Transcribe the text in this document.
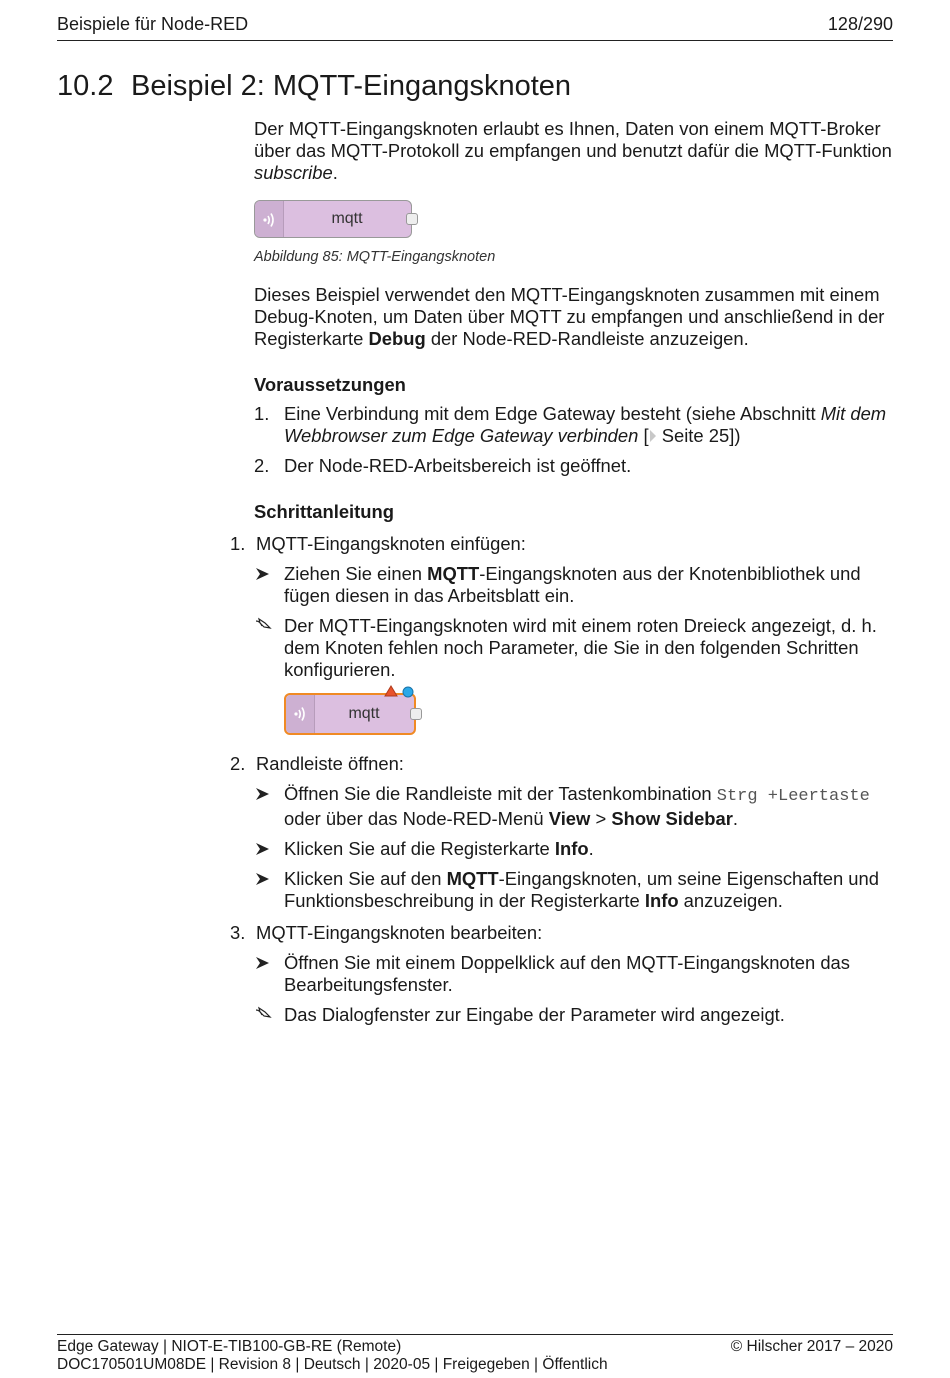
Beispiele für Node-RED	128/290
10.2 Beispiel 2: MQTT-Eingangsknoten

Der MQTT-Eingangsknoten erlaubt es Ihnen, Daten von einem MQTT-Broker über das MQTT-Protokoll zu empfangen und benutzt dafür die MQTT-Funktion subscribe.

mqtt

Abbildung 85: MQTT-Eingangsknoten

Dieses Beispiel verwendet den MQTT-Eingangsknoten zusammen mit einem Debug-Knoten, um Daten über MQTT zu empfangen und anschließend in der Registerkarte Debug der Node-RED-Randleiste anzuzeigen.

Voraussetzungen
1. Eine Verbindung mit dem Edge Gateway besteht (siehe Abschnitt Mit dem Webbrowser zum Edge Gateway verbinden [ Seite 25])
2. Der Node-RED-Arbeitsbereich ist geöffnet.
Schrittanleitung
1. MQTT-Eingangsknoten einfügen:
Ziehen Sie einen MQTT-Eingangsknoten aus der Knotenbibliothek und fügen diesen in das Arbeitsblatt ein.
Der MQTT-Eingangsknoten wird mit einem roten Dreieck angezeigt, d. h. dem Knoten fehlen noch Parameter, die Sie in den folgenden Schritten konfigurieren.
mqtt
2. Randleiste öffnen:
Öffnen Sie die Randleiste mit der Tastenkombination Strg +Leertaste oder über das Node-RED-Menü View > Show Sidebar.
Klicken Sie auf die Registerkarte Info.
Klicken Sie auf den MQTT-Eingangsknoten, um seine Eigenschaften und Funktionsbeschreibung in der Registerkarte Info anzuzeigen.
3. MQTT-Eingangsknoten bearbeiten:
Öffnen Sie mit einem Doppelklick auf den MQTT-Eingangsknoten das Bearbeitungsfenster.
Das Dialogfenster zur Eingabe der Parameter wird angezeigt.
Edge Gateway | NIOT-E-TIB100-GB-RE (Remote)	© Hilscher 2017 – 2020
DOC170501UM08DE | Revision 8 | Deutsch | 2020-05 | Freigegeben | Öffentlich
